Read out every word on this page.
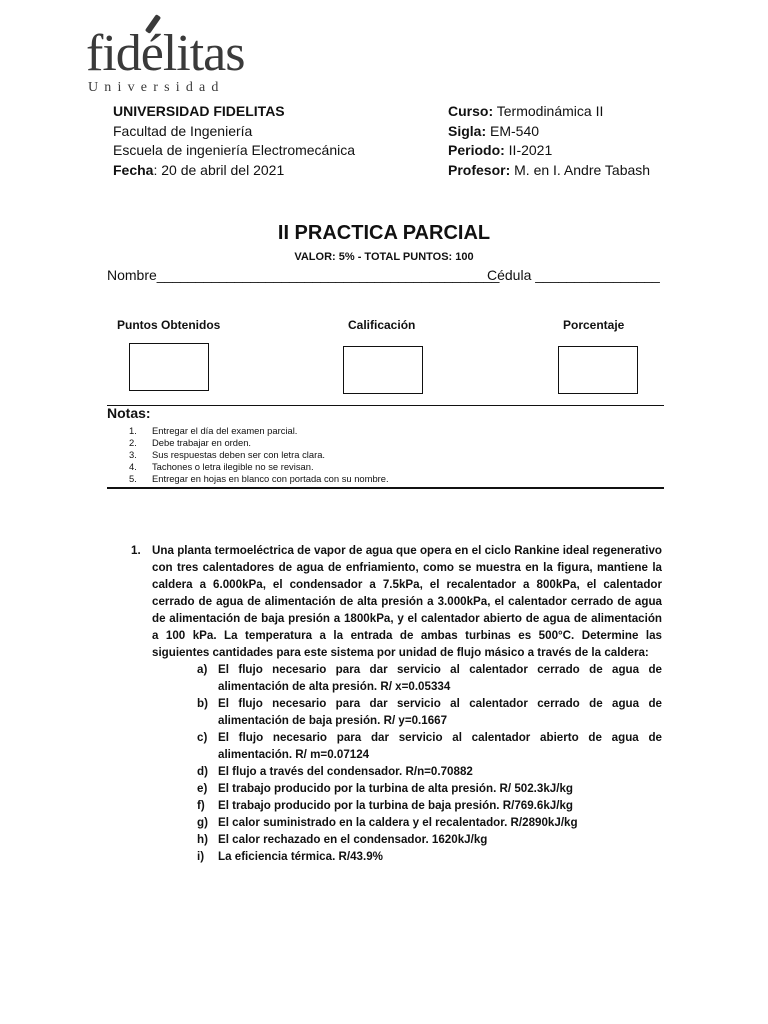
fidélitas
Universidad
UNIVERSIDAD FIDELITAS
Facultad de Ingeniería
Escuela de ingeniería Electromecánica
Fecha: 20 de abril del 2021
Curso: Termodinámica II
Sigla: EM-540
Periodo: II-2021
Profesor: M. en I. Andre Tabash
II PRACTICA PARCIAL
VALOR: 5% - TOTAL PUNTOS: 100
Nombre____________________________________________
Cédula ________________
Puntos Obtenidos	Calificación	Porcentaje
Notas:
1.	Entregar el día del examen parcial.
2.	Debe trabajar en orden.
3.	Sus respuestas deben ser con letra clara.
4.	Tachones o letra ilegible no se revisan.
5.	Entregar en hojas en blanco con portada con su nombre.
1. Una planta termoeléctrica de vapor de agua que opera en el ciclo Rankine ideal regenerativo con tres calentadores de agua de enfriamiento, como se muestra en la figura, mantiene la caldera a 6.000kPa, el condensador a 7.5kPa, el recalentador a 800kPa, el calentador cerrado de agua de alimentación de alta presión a 3.000kPa, el calentador cerrado de agua de alimentación de baja presión a 1800kPa, y el calentador abierto de agua de alimentación a 100 kPa. La temperatura a la entrada de ambas turbinas es 500°C. Determine las siguientes cantidades para este sistema por unidad de flujo másico a través de la caldera:
a) El flujo necesario para dar servicio al calentador cerrado de agua de alimentación de alta presión. R/ x=0.05334
b) El flujo necesario para dar servicio al calentador cerrado de agua de alimentación de baja presión. R/ y=0.1667
c) El flujo necesario para dar servicio al calentador abierto de agua de alimentación. R/ m=0.07124
d) El flujo a través del condensador. R/n=0.70882
e) El trabajo producido por la turbina de alta presión. R/ 502.3kJ/kg
f)	El trabajo producido por la turbina de baja presión. R/769.6kJ/kg
g) El calor suministrado en la caldera y el recalentador. R/2890kJ/kg
h) El calor rechazado en el condensador. 1620kJ/kg
i)	La eficiencia térmica. R/43.9%
